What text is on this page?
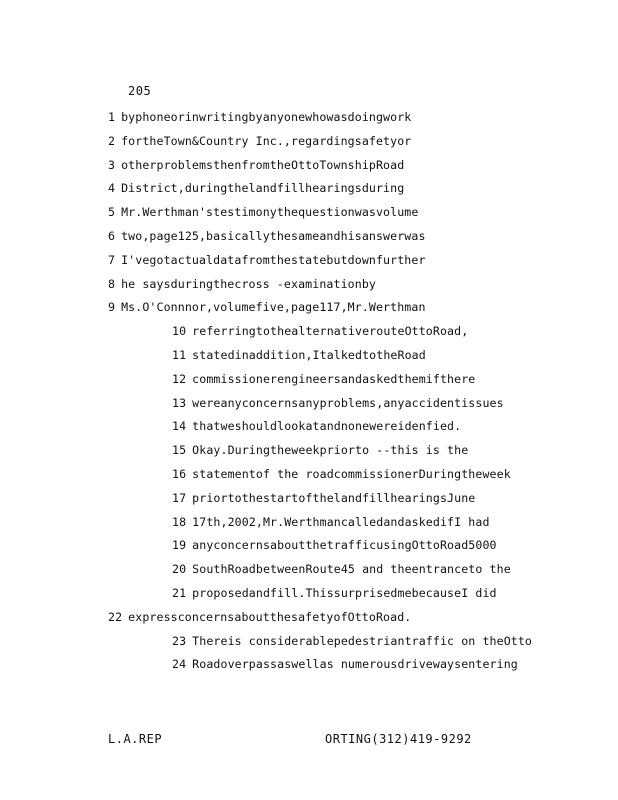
205
1 byphoneorinwritingbyanyonewhowasdoingwork
2 fortheTown&Country Inc.,regardingsafetyor
3 otherproblemsthenfromtheOttoTownshipRoad
4 District,duringthelandfillhearingsduring
5 Mr.Werthman'stestimonythequestionwasvolume
6 two,page125,basicallythesameandhisanswerwas
7 I'vegotactualdatafromthestatebutdownfurther
8 he saysduringthecross -examinationby
9 Ms.O'Connnor,volumefive,page117,Mr.Werthman
10 referringtothealternativerouteOttoRoad,
11 statedinaddition,ItalkedtotheRoad
12 commissionerengineersandaskedthemifthere
13 wereanyconcernsanyproblems,anyaccidentissues
14 thatweshouldlookatandnonewereidenfied.
15 Okay.Duringtheweekpriorto --this is the
16 statementof the roadcommissionerDuringtheweek
17 priortothestartofthelandfillhearingsJune
18 17th,2002,Mr.WerthmancalledandaskedifI had
19 anyconcernsaboutthetrafficusingOttoRoad5000
20 SouthRoadbetweenRoute45 and theentranceto the
21 proposedandfill.ThissurprisedmebecauseI did
22 expressconcernsaboutthesafetyofOttoRoad.
23 Thereis considerablepedestriantraffic on theOtto
24 Roadoverpassaswellas numerousdrivewaysentering
L.A.REP	ORTING(312)419-9292
